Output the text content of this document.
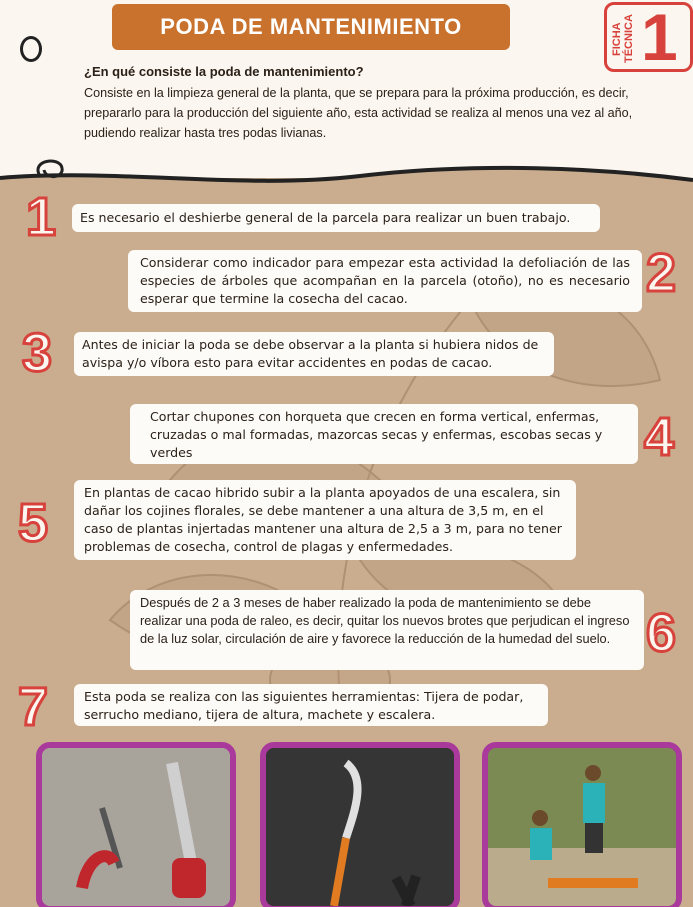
PODA DE MANTENIMIENTO	FICHA TÉCNICA 1
¿En qué consiste la poda de mantenimiento?
Consiste en la limpieza general de la planta, que se prepara para la próxima producción, es decir, prepararlo para la producción del siguiente año, esta actividad se realiza al menos una vez al año, pudiendo realizar hasta tres podas livianas.
1	Es necesario el deshierbe general de la parcela para realizar un buen trabajo.
Considerar como indicador para empezar esta actividad la defoliación de las especies de árboles que acompañan en la parcela (otoño), no es necesario esperar que termine la cosecha del cacao.	2
3	Antes de iniciar la poda se debe observar a la planta si hubiera nidos de avispa y/o víbora esto para evitar accidentes en podas de cacao.
Cortar chupones con horqueta que crecen en forma vertical, enfermas, cruzadas o mal formadas, mazorcas secas y enfermas, escobas secas y verdes	4
5
En plantas de cacao hibrido subir a la planta apoyados de una escalera, sin dañar los cojines florales, se debe mantener a una altura de 3,5 m, en el caso de plantas injertadas mantener una altura de 2,5 a 3 m, para no tener problemas de cosecha, control de plagas y enfermedades.
Después de 2 a 3 meses de haber realizado la poda de mantenimiento se debe realizar una poda de raleo, es decir, quitar los nuevos brotes que perjudican el ingreso de la luz solar, circulación de aire y favorece la reducción de la humedad del suelo. 6
7	Esta poda se realiza con las siguientes herramientas: Tijera de podar, serrucho mediano, tijera de altura, machete y escalera.
